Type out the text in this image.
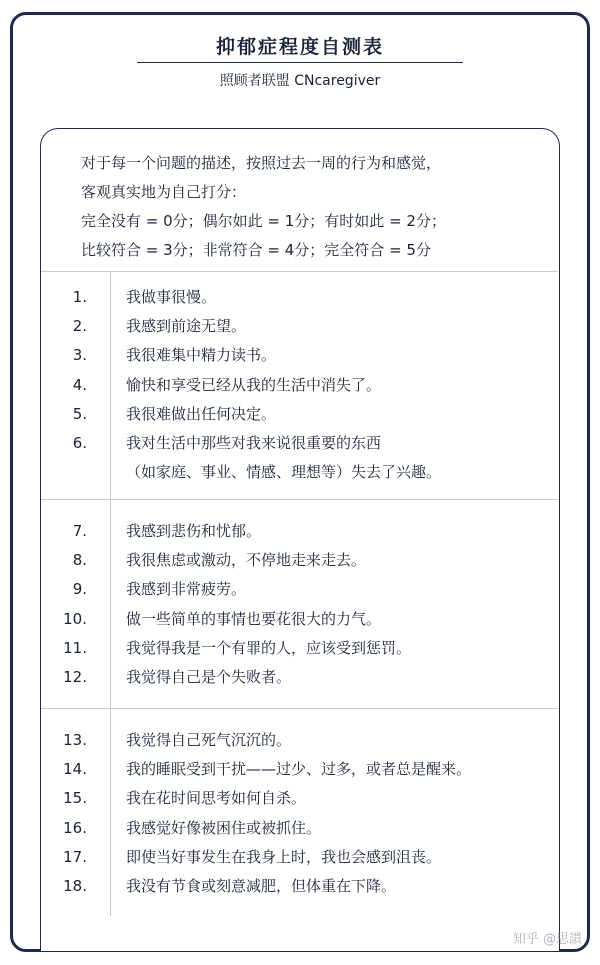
抑郁症程度自测表
照顾者联盟 CNcaregiver
对于每一个问题的描述，按照过去一周的行为和感觉，
客观真实地为自己打分：
完全没有 = 0分；偶尔如此 = 1分；有时如此 = 2分；
比较符合 = 3分；非常符合 = 4分；完全符合 = 5分
1.	我做事很慢。
2.	我感到前途无望。
3.	我很难集中精力读书。
4.	愉快和享受已经从我的生活中消失了。
5.	我很难做出任何决定。
6.	我对生活中那些对我来说很重要的东西
（如家庭、事业、情感、理想等）失去了兴趣。
7.	我感到悲伤和忧郁。
8.	我很焦虑或激动，不停地走来走去。
9.	我感到非常疲劳。
10.	做一些简单的事情也要花很大的力气。
11.	我觉得我是一个有罪的人，应该受到惩罚。
12.	我觉得自己是个失败者。
13.	我觉得自己死气沉沉的。
14.	我的睡眠受到干扰——过少、过多，或者总是醒来。
15.	我在花时间思考如何自杀。
16.	我感觉好像被困住或被抓住。
17.	即使当好事发生在我身上时，我也会感到沮丧。
18.	我没有节食或刻意减肥，但体重在下降。
知乎 @思謴
